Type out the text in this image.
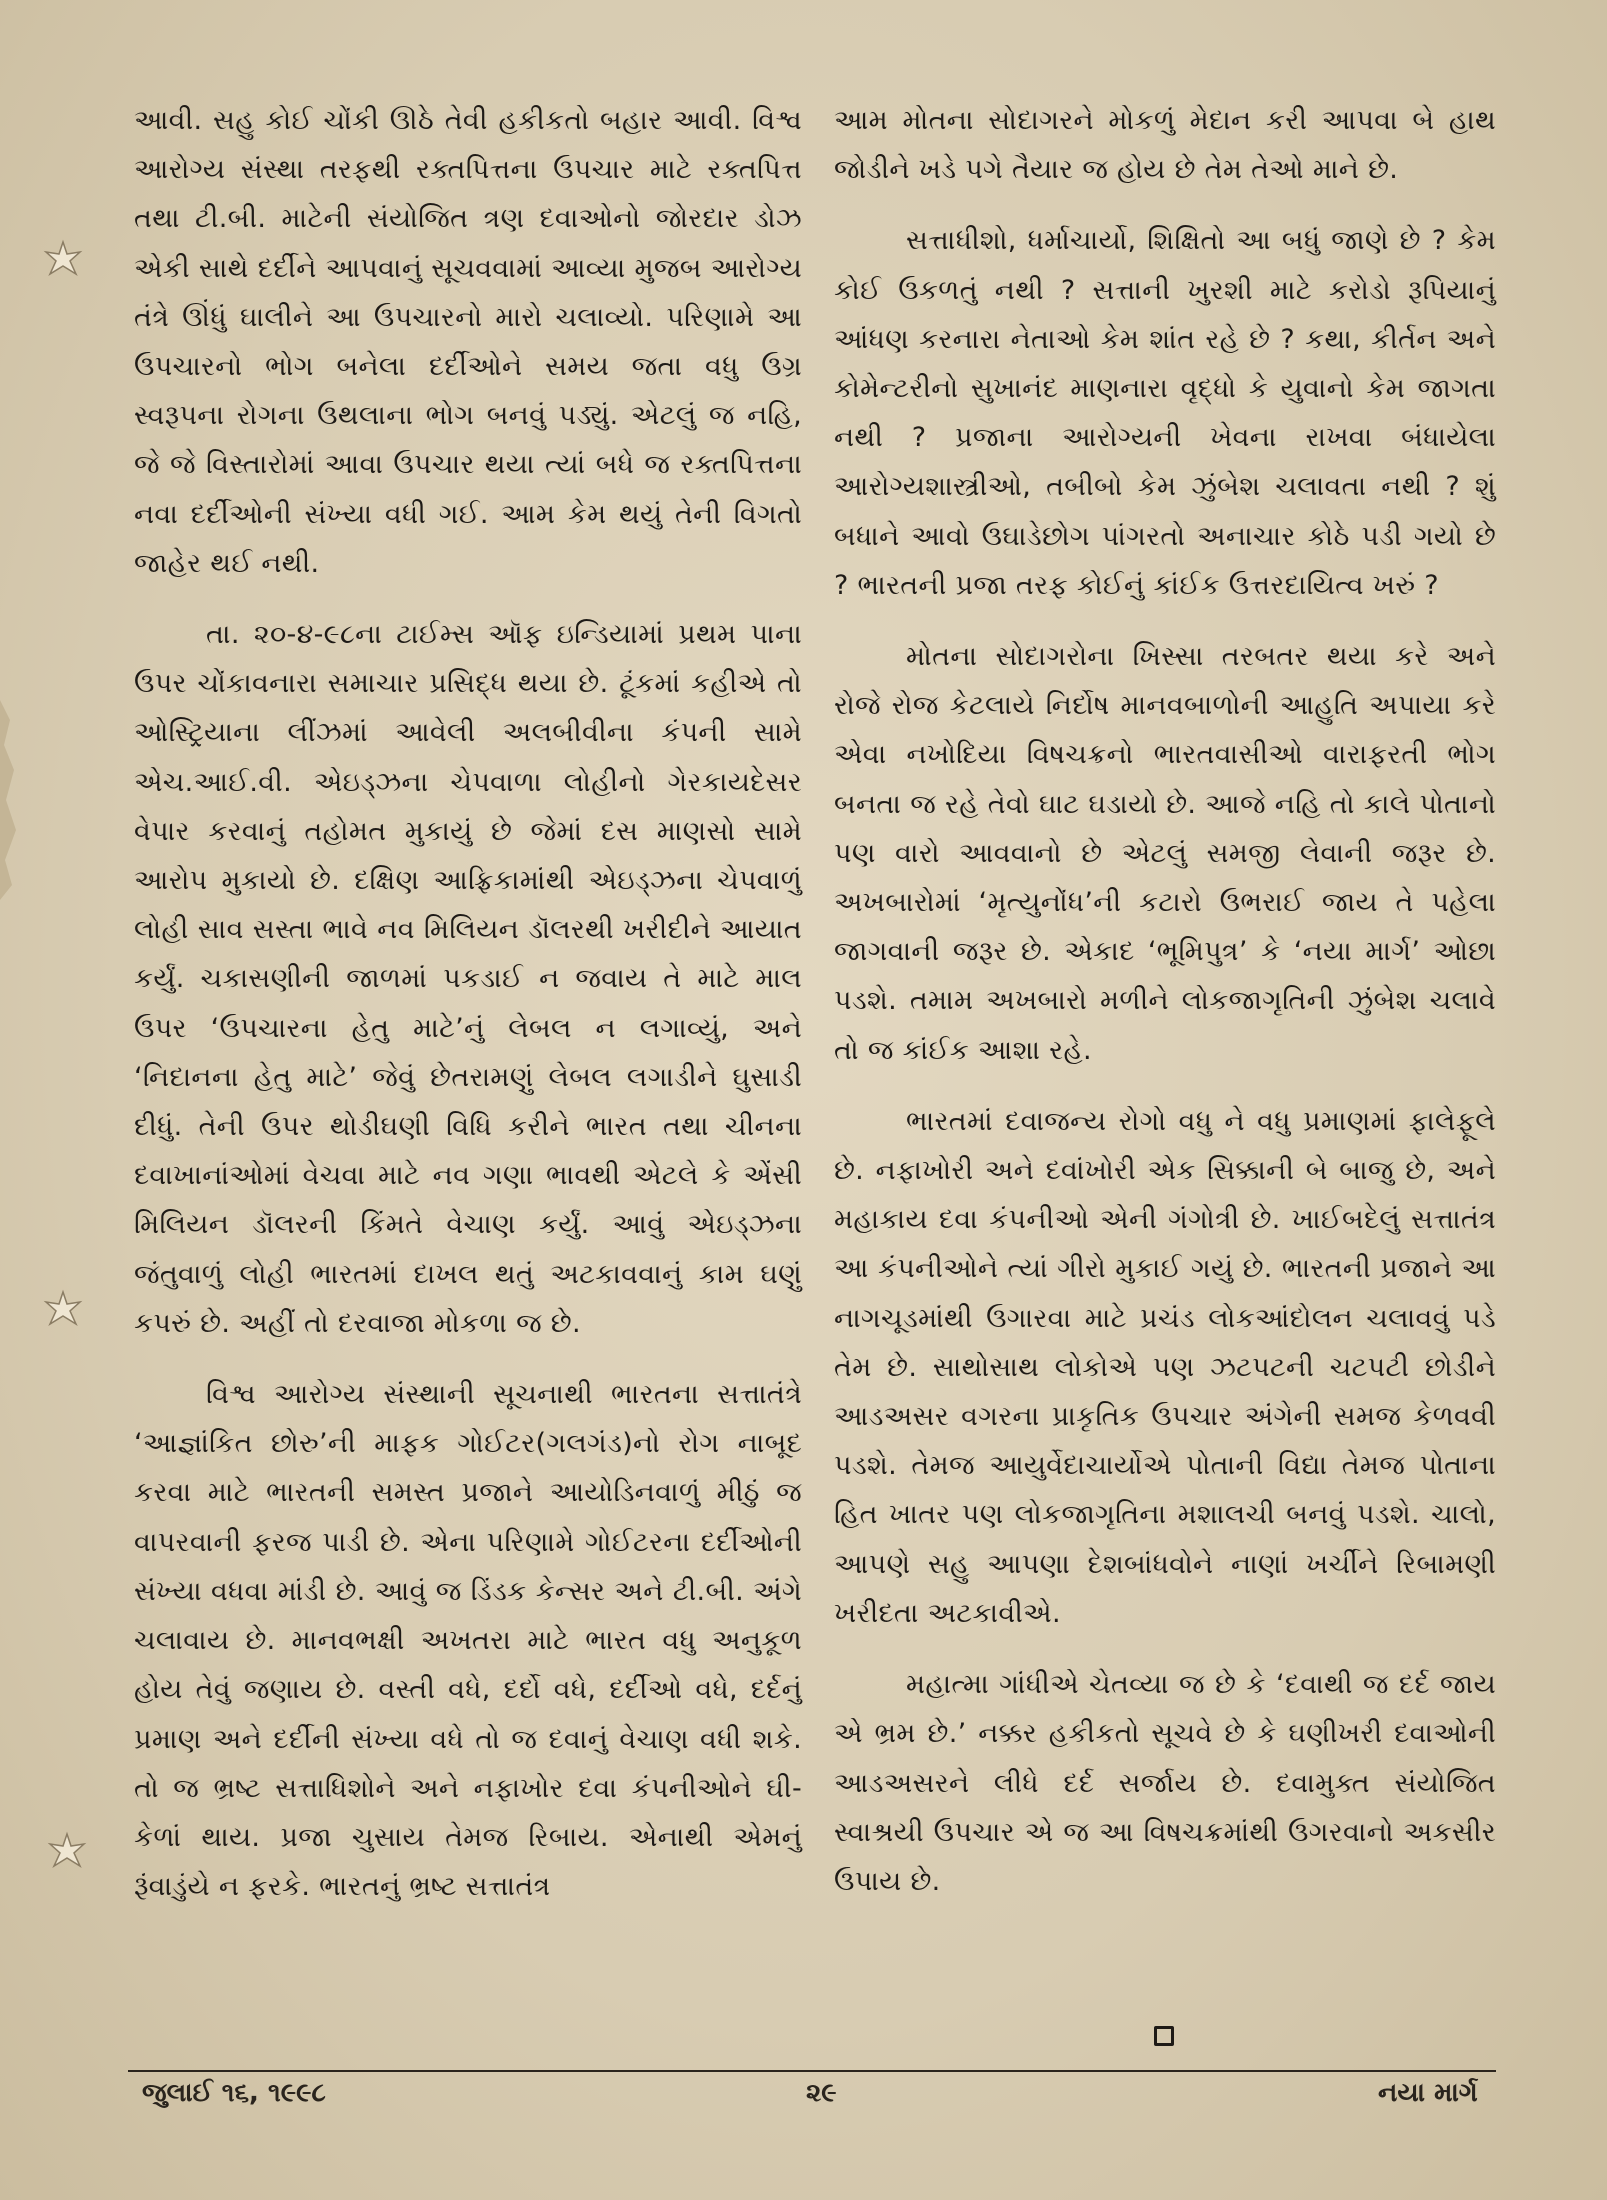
આવી. સહુ કોઈ ચોંકી ઊઠે તેવી હકીકતો બહાર આવી. વિશ્વ આરોગ્ય સંસ્થા તરફથી રક્તપિત્તના ઉપચાર માટે રક્તપિત્ત તથા ટી.બી. માટેની સંયોજિત ત્રણ દવાઓનો જોરદાર ડોઝ એકી સાથે દર્દીને આપવાનું સૂચવવામાં આવ્યા મુજબ આરોગ્ય તંત્રે ઊંધું ઘાલીને આ ઉપચારનો મારો ચલાવ્યો. પરિણામે આ ઉપચારનો ભોગ બનેલા દર્દીઓને સમય જતા વધુ ઉગ્ર સ્વરૂપના રોગના ઉથલાના ભોગ બનવું પડ્યું. એટલું જ નહિ, જે જે વિસ્તારોમાં આવા ઉપચાર થયા ત્યાં બધે જ રક્તપિત્તના નવા દર્દીઓની સંખ્યા વધી ગઈ. આમ કેમ થયું તેની વિગતો જાહેર થઈ નથી.

તા. ૨૦-૪-૯૮ના ટાઈમ્સ ઑફ ઇન્ડિયામાં પ્રથમ પાના ઉપર ચોંકાવનારા સમાચાર પ્રસિદ્ધ થયા છે. ટૂંકમાં કહીએ તો ઓસ્ટ્રિયાના લીંઝમાં આવેલી અલબીવીના કંપની સામે એચ.આઈ.વી. એઇડ્ઝના ચેપવાળા લોહીનો ગેરકાયદેસર વેપાર કરવાનું તહોમત મુકાયું છે જેમાં દસ માણસો સામે આરોપ મુકાયો છે. દક્ષિણ આફ્રિકામાંથી એઇડ્ઝના ચેપવાળું લોહી સાવ સસ્તા ભાવે નવ મિલિયન ડૉલરથી ખરીદીને આયાત કર્યું. ચકાસણીની જાળમાં પકડાઈ ન જવાય તે માટે માલ ઉપર ‘ઉપચારના હેતુ માટે’નું લેબલ ન લગાવ્યું, અને ‘નિદાનના હેતુ માટે’ જેવું છેતરામણું લેબલ લગાડીને ઘુસાડી દીધું. તેની ઉપર થોડીઘણી વિધિ કરીને ભારત તથા ચીનના દવાખાનાંઓમાં વેચવા માટે નવ ગણા ભાવથી એટલે કે એંસી મિલિયન ડૉલરની કિંમતે વેચાણ કર્યું. આવું એઇડ્ઝના જંતુવાળું લોહી ભારતમાં દાખલ થતું અટકાવવાનું કામ ઘણું કપરું છે. અહીં તો દરવાજા મોકળા જ છે.

વિશ્વ આરોગ્ય સંસ્થાની સૂચનાથી ભારતના સત્તાતંત્રે ‘આજ્ઞાંકિત છોરુ’ની માફક ગોઈટર(ગલગંડ)નો રોગ નાબૂદ કરવા માટે ભારતની સમસ્ત પ્રજાને આયોડિનવાળું મીઠું જ વાપરવાની ફરજ પાડી છે. એના પરિણામે ગોઈટરના દર્દીઓની સંખ્યા વધવા માંડી છે. આવું જ ડિંડક કેન્સર અને ટી.બી. અંગે ચલાવાય છે. માનવભક્ષી અખતરા માટે ભારત વધુ અનુકૂળ હોય તેવું જણાય છે. વસ્તી વધે, દર્દો વધે, દર્દીઓ વધે, દર્દનું પ્રમાણ અને દર્દીની સંખ્યા વધે તો જ દવાનું વેચાણ વધી શકે. તો જ ભ્રષ્ટ સત્તાધિશોને અને નફાખોર દવા કંપનીઓને ઘી-કેળાં થાય. પ્રજા ચુસાય તેમજ રિબાય. એનાથી એમનું રૂંવાડુંયે ન ફરકે. ભારતનું ભ્રષ્ટ સત્તાતંત્ર

આમ મોતના સોદાગરને મોકળું મેદાન કરી આપવા બે હાથ જોડીને ખડે પગે તૈયાર જ હોય છે તેમ તેઓ માને છે.

સત્તાધીશો, ધર્માચાર્યો, શિક્ષિતો આ બધું જાણે છે ? કેમ કોઈ ઉકળતું નથી ? સત્તાની ખુરશી માટે કરોડો રૂપિયાનું આંધણ કરનારા નેતાઓ કેમ શાંત રહે છે ? કથા, કીર્તન અને કોમેન્ટરીનો સુખાનંદ માણનારા વૃદ્ધો કે યુવાનો કેમ જાગતા નથી ? પ્રજાના આરોગ્યની ખેવના રાખવા બંધાયેલા આરોગ્યશાસ્ત્રીઓ, તબીબો કેમ ઝુંબેશ ચલાવતા નથી ? શું બધાને આવો ઉઘાડેછોગ પાંગરતો અનાચાર કોઠે પડી ગયો છે ? ભારતની પ્રજા તરફ કોઈનું કાંઈક ઉત્તરદાયિત્વ ખરું ?

મોતના સોદાગરોના ખિસ્સા તરબતર થયા કરે અને રોજે રોજ કેટલાયે નિર્દોષ માનવબાળોની આહુતિ અપાયા કરે એવા નખોદિયા વિષચક્રનો ભારતવાસીઓ વારાફરતી ભોગ બનતા જ રહે તેવો ઘાટ ઘડાયો છે. આજે નહિ તો કાલે પોતાનો પણ વારો આવવાનો છે એટલું સમજી લેવાની જરૂર છે. અખબારોમાં ‘મૃત્યુનોંધ’ની કટારો ઉભરાઈ જાય તે પહેલા જાગવાની જરૂર છે. એકાદ ‘ભૂમિપુત્ર’ કે ‘નયા માર્ગ’ ઓછા પડશે. તમામ અખબારો મળીને લોકજાગૃતિની ઝુંબેશ ચલાવે તો જ કાંઈક આશા રહે.

ભારતમાં દવાજન્ય રોગો વધુ ને વધુ પ્રમાણમાં ફાલેફૂલે છે. નફાખોરી અને દવાંખોરી એક સિક્કાની બે બાજુ છે, અને મહાકાય દવા કંપનીઓ એની ગંગોત્રી છે. ખાઈબદેલું સત્તાતંત્ર આ કંપનીઓને ત્યાં ગીરો મુકાઈ ગયું છે. ભારતની પ્રજાને આ નાગચૂડમાંથી ઉગારવા માટે પ્રચંડ લોકઆંદોલન ચલાવવું પડે તેમ છે. સાથોસાથ લોકોએ પણ ઝટપટની ચટપટી છોડીને આડઅસર વગરના પ્રાકૃતિક ઉપચાર અંગેની સમજ કેળવવી પડશે. તેમજ આયુર્વેદાચાર્યોએ પોતાની વિદ્યા તેમજ પોતાના હિત ખાતર પણ લોકજાગૃતિના મશાલચી બનવું પડશે. ચાલો, આપણે સહુ આપણા દેશબાંધવોને નાણાં ખર્ચીને રિબામણી ખરીદતા અટકાવીએ.

મહાત્મા ગાંધીએ ચેતવ્યા જ છે કે ‘દવાથી જ દર્દ જાય એ ભ્રમ છે.’ નક્કર હકીકતો સૂચવે છે કે ઘણીખરી દવાઓની આડઅસરને લીધે દર્દ સર્જાય છે. દવામુક્ત સંયોજિત સ્વાશ્રયી ઉપચાર એ જ આ વિષચક્રમાંથી ઉગરવાનો અકસીર ઉપાય છે.

જુલાઈ ૧૬, ૧૯૯૮	૨૯	નયા માર્ગ
